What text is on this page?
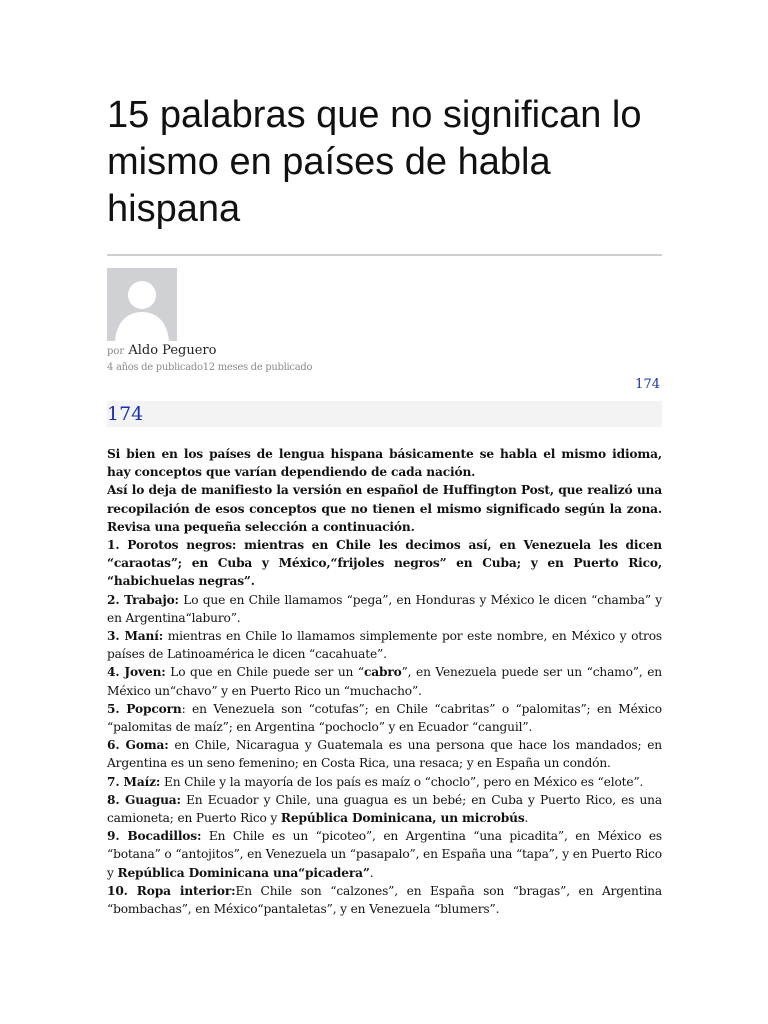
15 palabras que no significan lo mismo en países de habla hispana
por Aldo Peguero
4 años de publicado12 meses de publicado
174
174

Si bien en los países de lengua hispana básicamente se habla el mismo idioma, hay conceptos que varían dependiendo de cada nación.

Así lo deja de manifiesto la versión en español de Huffington Post, que realizó una recopilación de esos conceptos que no tienen el mismo significado según la zona. Revisa una pequeña selección a continuación.

1. Porotos negros: mientras en Chile les decimos así, en Venezuela les dicen “caraotas”; en Cuba y México,“frijoles negros” en Cuba; y en Puerto Rico, “habichuelas negras”.

2. Trabajo: Lo que en Chile llamamos “pega”, en Honduras y México le dicen “chamba” y en Argentina“laburo”.

3. Maní: mientras en Chile lo llamamos simplemente por este nombre, en México y otros países de Latinoamérica le dicen “cacahuate”.

4. Joven: Lo que en Chile puede ser un “cabro”, en Venezuela puede ser un “chamo”, en México un“chavo” y en Puerto Rico un “muchacho”.

5. Popcorn: en Venezuela son “cotufas”; en Chile “cabritas” o “palomitas”; en México “palomitas de maíz”; en Argentina “pochoclo” y en Ecuador “canguil”.

6. Goma: en Chile, Nicaragua y Guatemala es una persona que hace los mandados; en Argentina es un seno femenino; en Costa Rica, una resaca; y en España un condón.

7. Maíz: En Chile y la mayoría de los país es maíz o “choclo”, pero en México es “elote”.

8. Guagua: En Ecuador y Chile, una guagua es un bebé; en Cuba y Puerto Rico, es una camioneta; en Puerto Rico y República Dominicana, un microbús.

9. Bocadillos: En Chile es un “picoteo”, en Argentina “una picadita”, en México es “botana” o “antojitos”, en Venezuela un “pasapalo”, en España una “tapa”, y en Puerto Rico y República Dominicana una“picadera”.

10. Ropa interior:En Chile son “calzones”, en España son “bragas”, en Argentina “bombachas”, en México“pantaletas”, y en Venezuela “blumers”.
